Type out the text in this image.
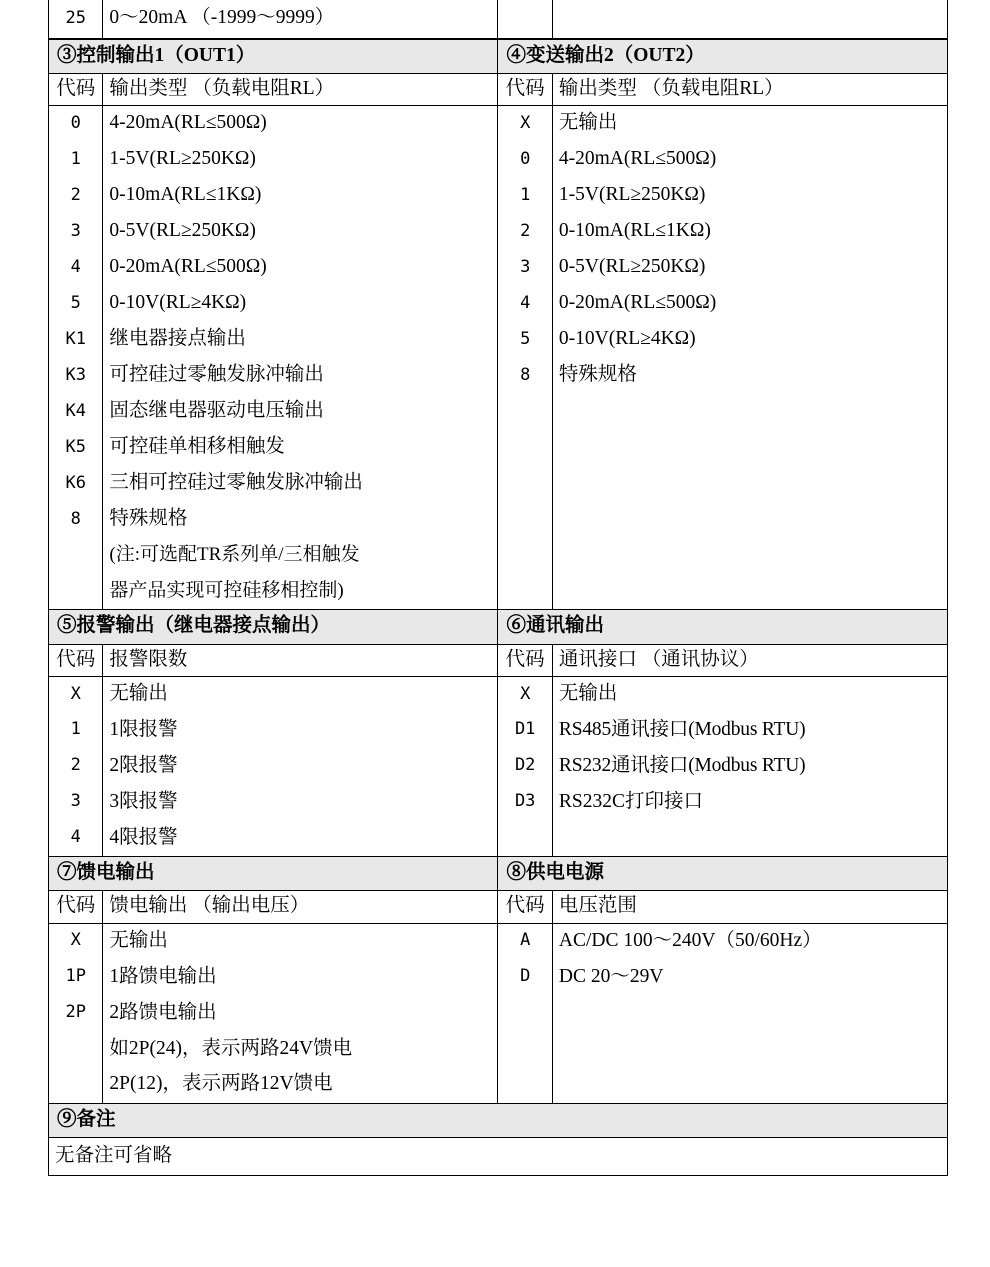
25	0～20mA （-1999～9999）

③控制输出1（OUT1）		④变送输出2（OUT2）	

代码	输出类型 （负载电阻RL）	代码	输出类型 （负载电阻RL）

0	4-20mA(RL≤500Ω)	X	无输出

1	1-5V(RL≥250KΩ)	0	4-20mA(RL≤500Ω)

2	0-10mA(RL≤1KΩ)	1	1-5V(RL≥250KΩ)

3	0-5V(RL≥250KΩ)	2	0-10mA(RL≤1KΩ)

4	0-20mA(RL≤500Ω)	3	0-5V(RL≥250KΩ)

5	0-10V(RL≥4KΩ)	4	0-20mA(RL≤500Ω)

K1	继电器接点输出	5	0-10V(RL≥4KΩ)

K3	可控硅过零触发脉冲输出	8	特殊规格

K4	固态继电器驱动电压输出		

K5	可控硅单相移相触发		

K6	三相可控硅过零触发脉冲输出		

8	特殊规格		

	(注:可选配TR系列单/三相触发		

	器产品实现可控硅移相控制)		

⑤报警输出（继电器接点输出）		⑥通讯输出	

代码	报警限数	代码	通讯接口 （通讯协议）

X	无输出	X	无输出

1	1限报警	D1	RS485通讯接口(Modbus RTU)

2	2限报警	D2	RS232通讯接口(Modbus RTU)

3	3限报警	D3	RS232C打印接口

4	4限报警		

⑦馈电输出		⑧供电电源	

代码	馈电输出 （输出电压）	代码	电压范围

X	无输出	A	AC/DC 100～240V（50/60Hz）

1P	1路馈电输出	D	DC 20～29V

2P	2路馈电输出		

	如2P(24)，表示两路24V馈电		

	2P(12)，表示两路12V馈电		

⑨备注

无备注可省略
